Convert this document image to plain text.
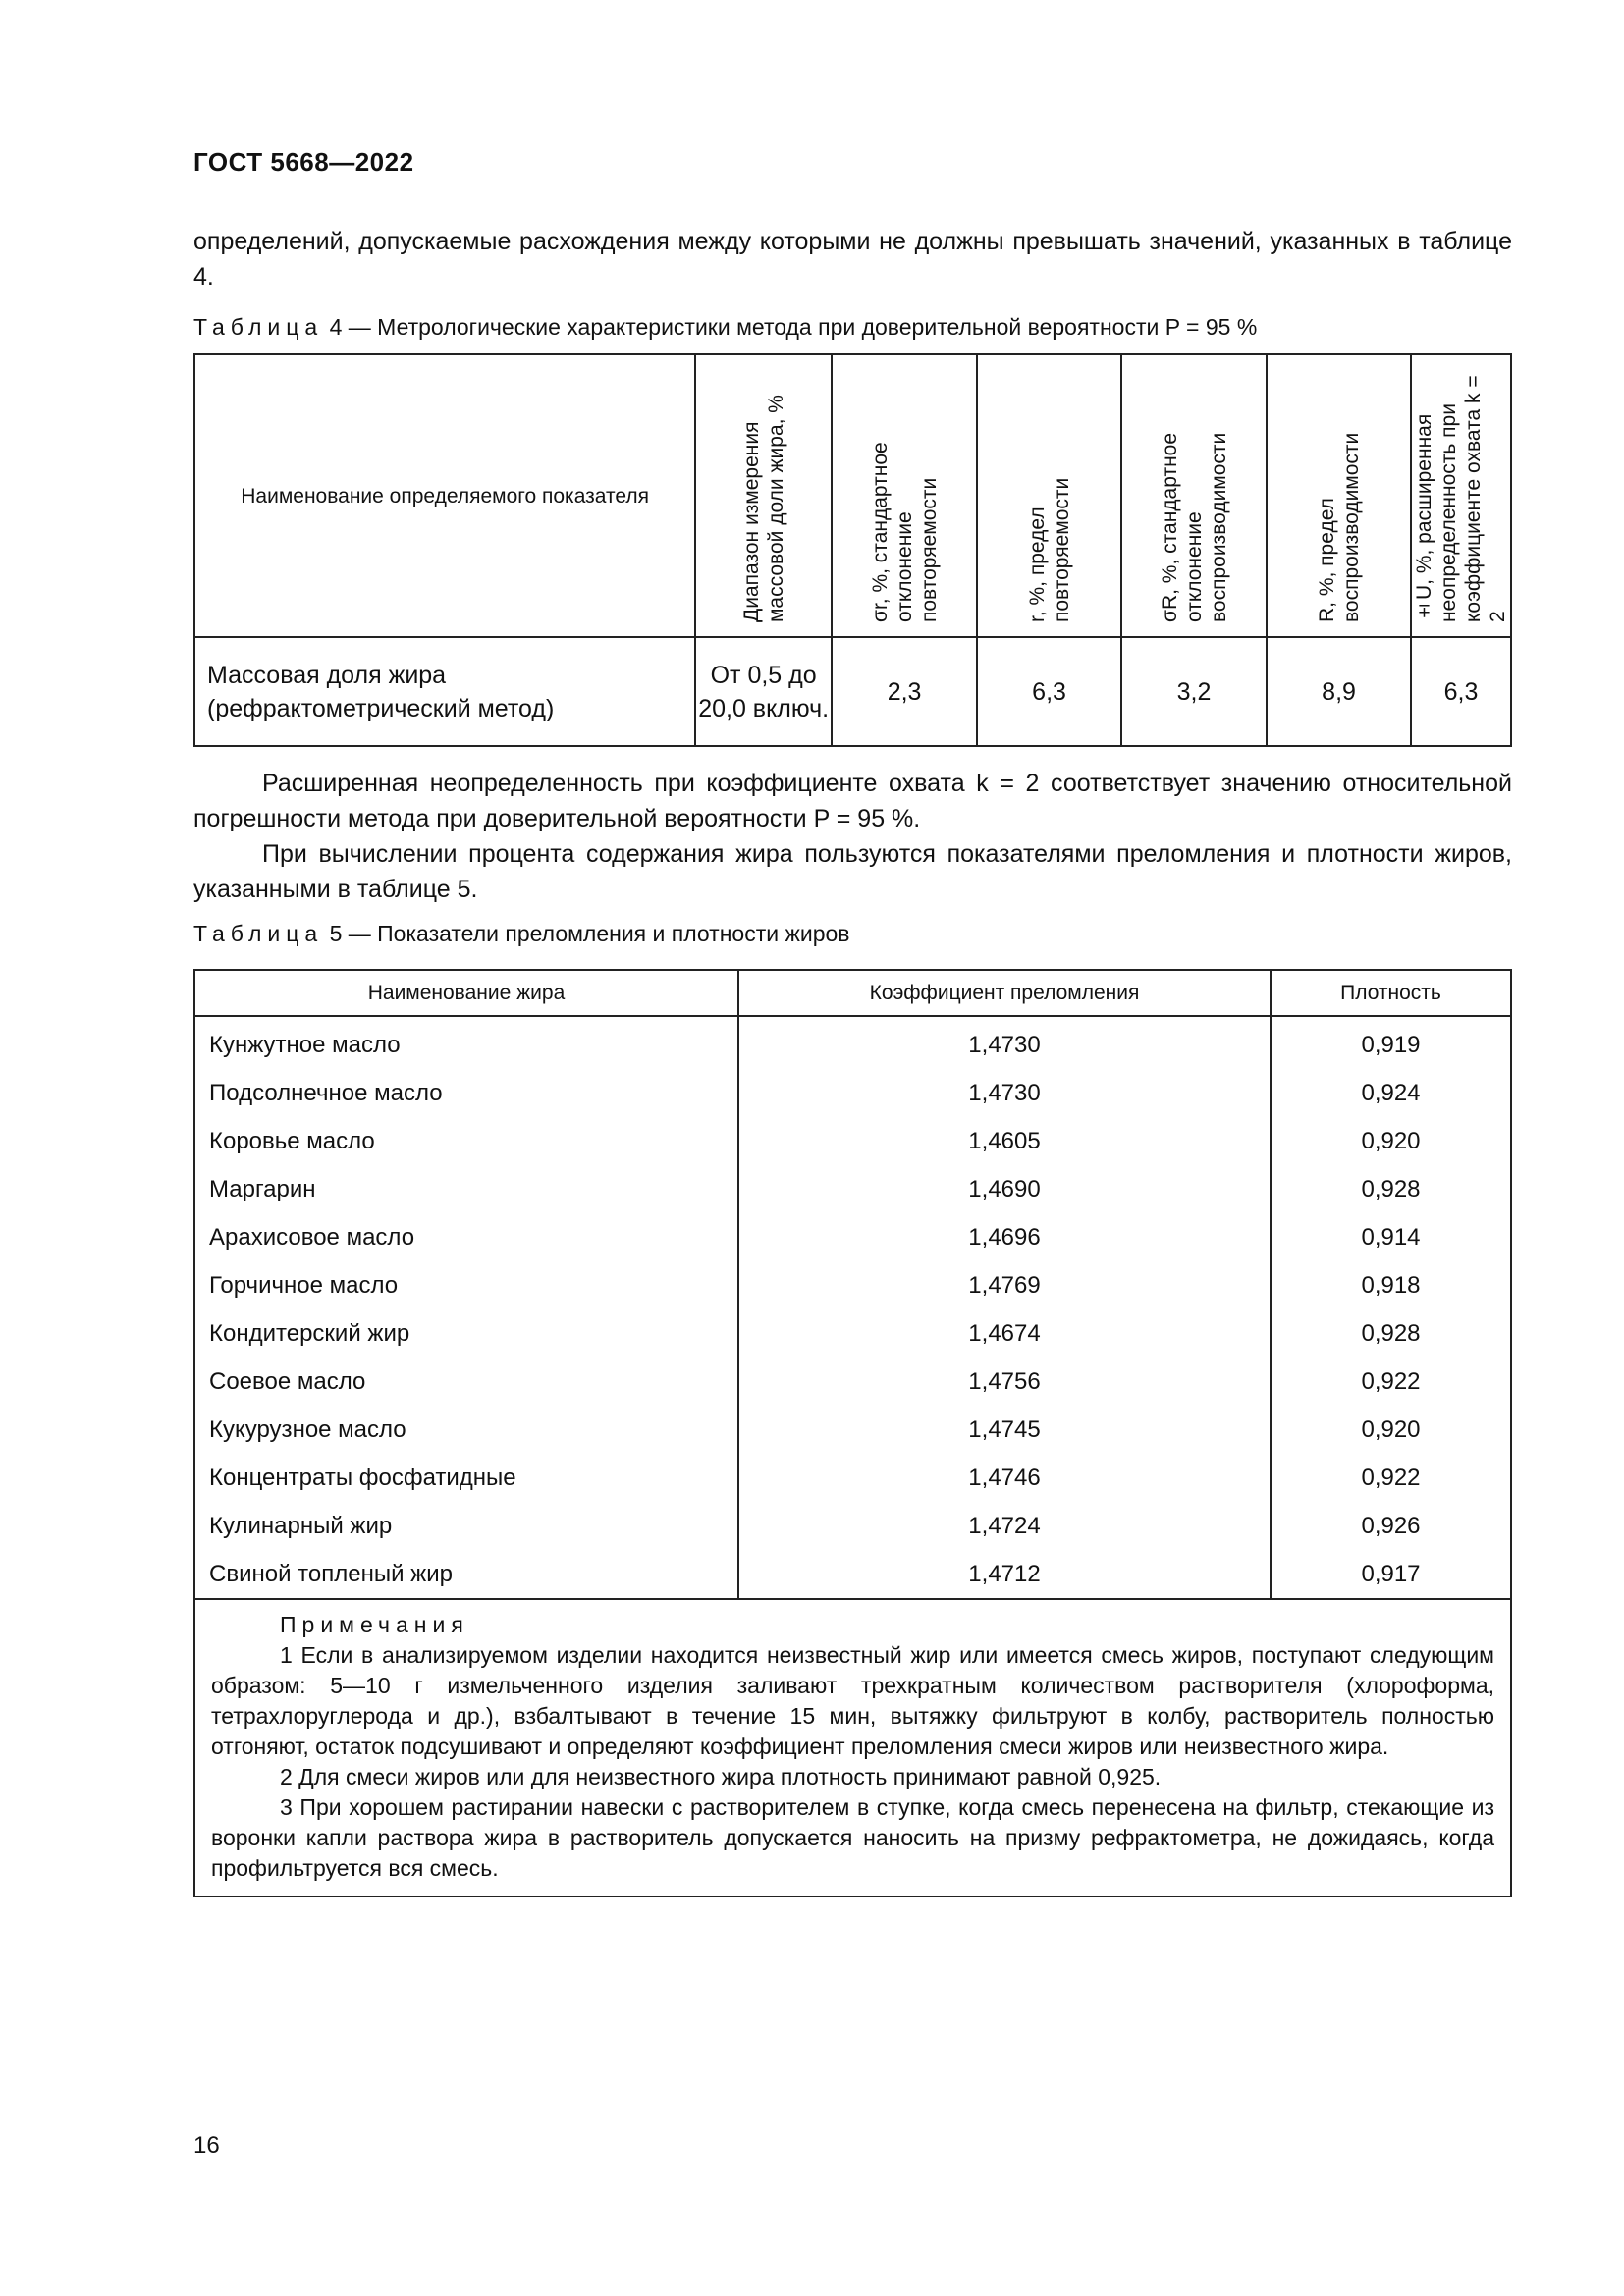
ГОСТ 5668—2022

определений, допускаемые расхождения между которыми не должны превышать значений, указанных в таблице 4.

Таблица 4 — Метрологические характеристики метода при доверительной вероятности P = 95 %
Наименование определяемого показателя	Диапазон измерения массовой доли жира, %	σr, %, стандартное отклонение повторяемости	r, %, предел повторяемости	σR, %, стандартное отклонение воспроизводимости	R, %, предел воспроизводимости	±U, %, расширенная неопределенность при коэффициенте охвата k = 2
Массовая доля жира (рефрактометрический метод)	От 0,5 до 20,0 включ.	2,3	6,3	3,2	8,9	6,3

Расширенная неопределенность при коэффициенте охвата k = 2 соответствует значению относительной погрешности метода при доверительной вероятности P = 95 %.

При вычислении процента содержания жира пользуются показателями преломления и плотности жиров, указанными в таблице 5.

Таблица 5 — Показатели преломления и плотности жиров
Наименование жира	Коэффициент преломления	Плотность
Кунжутное масло	1,4730	0,919
Подсолнечное масло	1,4730	0,924
Коровье масло	1,4605	0,920
Маргарин	1,4690	0,928
Арахисовое масло	1,4696	0,914
Горчичное масло	1,4769	0,918
Кондитерский жир	1,4674	0,928
Соевое масло	1,4756	0,922
Кукурузное масло	1,4745	0,920
Концентраты фосфатидные	1,4746	0,922
Кулинарный жир	1,4724	0,926
Свиной топленый жир	1,4712	0,917

Примечания

1 Если в анализируемом изделии находится неизвестный жир или имеется смесь жиров, поступают следующим образом: 5—10 г измельченного изделия заливают трехкратным количеством растворителя (хлороформа, тетрахлоруглерода и др.), взбалтывают в течение 15 мин, вытяжку фильтруют в колбу, растворитель полностью отгоняют, остаток подсушивают и определяют коэффициент преломления смеси жиров или неизвестного жира.

2 Для смеси жиров или для неизвестного жира плотность принимают равной 0,925.

3 При хорошем растирании навески с растворителем в ступке, когда смесь перенесена на фильтр, стекающие из воронки капли раствора жира в растворитель допускается наносить на призму рефрактометра, не дожидаясь, когда профильтруется вся смесь.		

16
